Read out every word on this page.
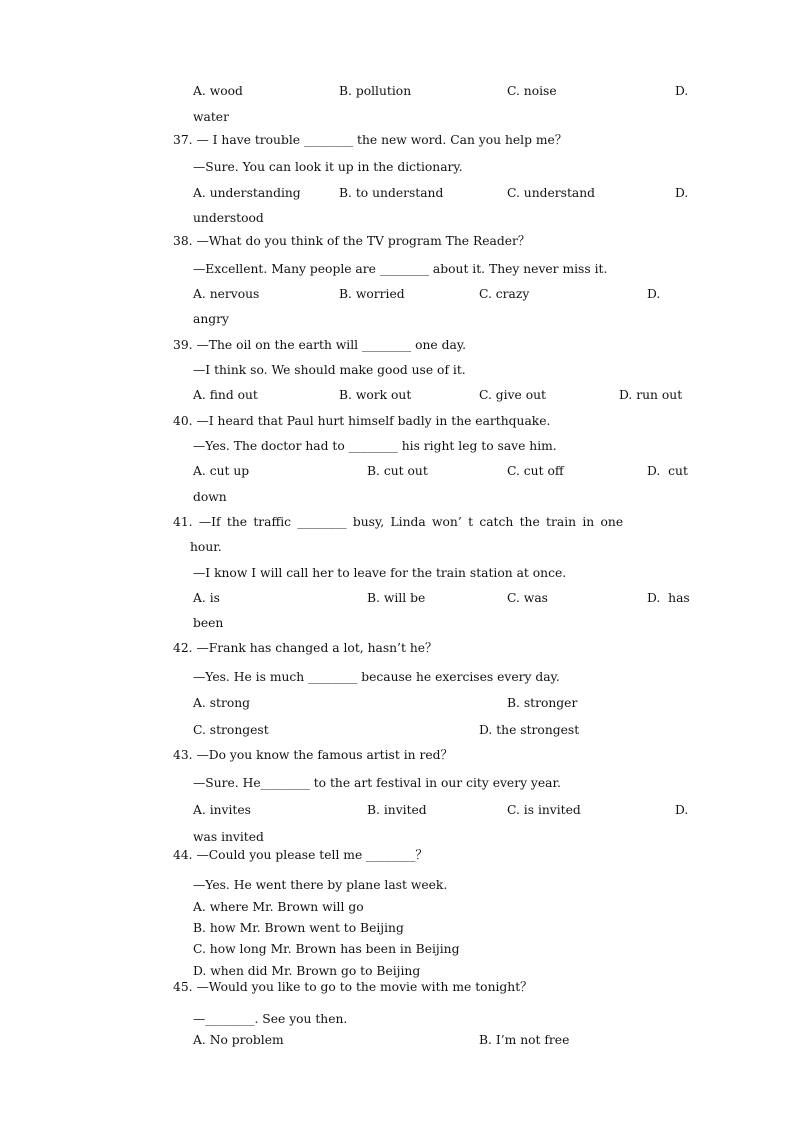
A. wood	B. pollution	C. noise	D.
water
37. — I have trouble ________ the new word. Can you help me？
—Sure. You can look it up in the dictionary.
A. understanding	B. to understand	C. understand	D.
understood
38. —What do you think of the TV program The Reader？
—Excellent. Many people are ________ about it. They never miss it.
A. nervous	B. worried	C. crazy	D.
angry
39. —The oil on the earth will ________ one day.
—I think so. We should make good use of it.
A. find out	B. work out	C. give out	D. run out
40. —I heard that Paul hurt himself badly in the earthquake.
—Yes. The doctor had to ________ his right leg to save him.
A. cut up	B. cut out	C. cut off	D.  cut
down
41. —If the traffic ________ busy, Linda won’ t catch the train in one
hour.
—I know I will call her to leave for the train station at once.
A. is	B. will be	C. was	D.  has
been
42. —Frank has changed a lot, hasn’t he？
—Yes. He is much ________ because he exercises every day.
A. strong	B. stronger
C. strongest	D. the strongest
43. —Do you know the famous artist in red？
—Sure. He________ to the art festival in our city every year.
A. invites	B. invited	C. is invited	D.
was invited
44. —Could you please tell me ________？
—Yes. He went there by plane last week.
A. where Mr. Brown will go
B. how Mr. Brown went to Beijing
C. how long Mr. Brown has been in Beijing
D. when did Mr. Brown go to Beijing
45. —Would you like to go to the movie with me tonight？
—________. See you then.
A. No problem	B. I’m not free
